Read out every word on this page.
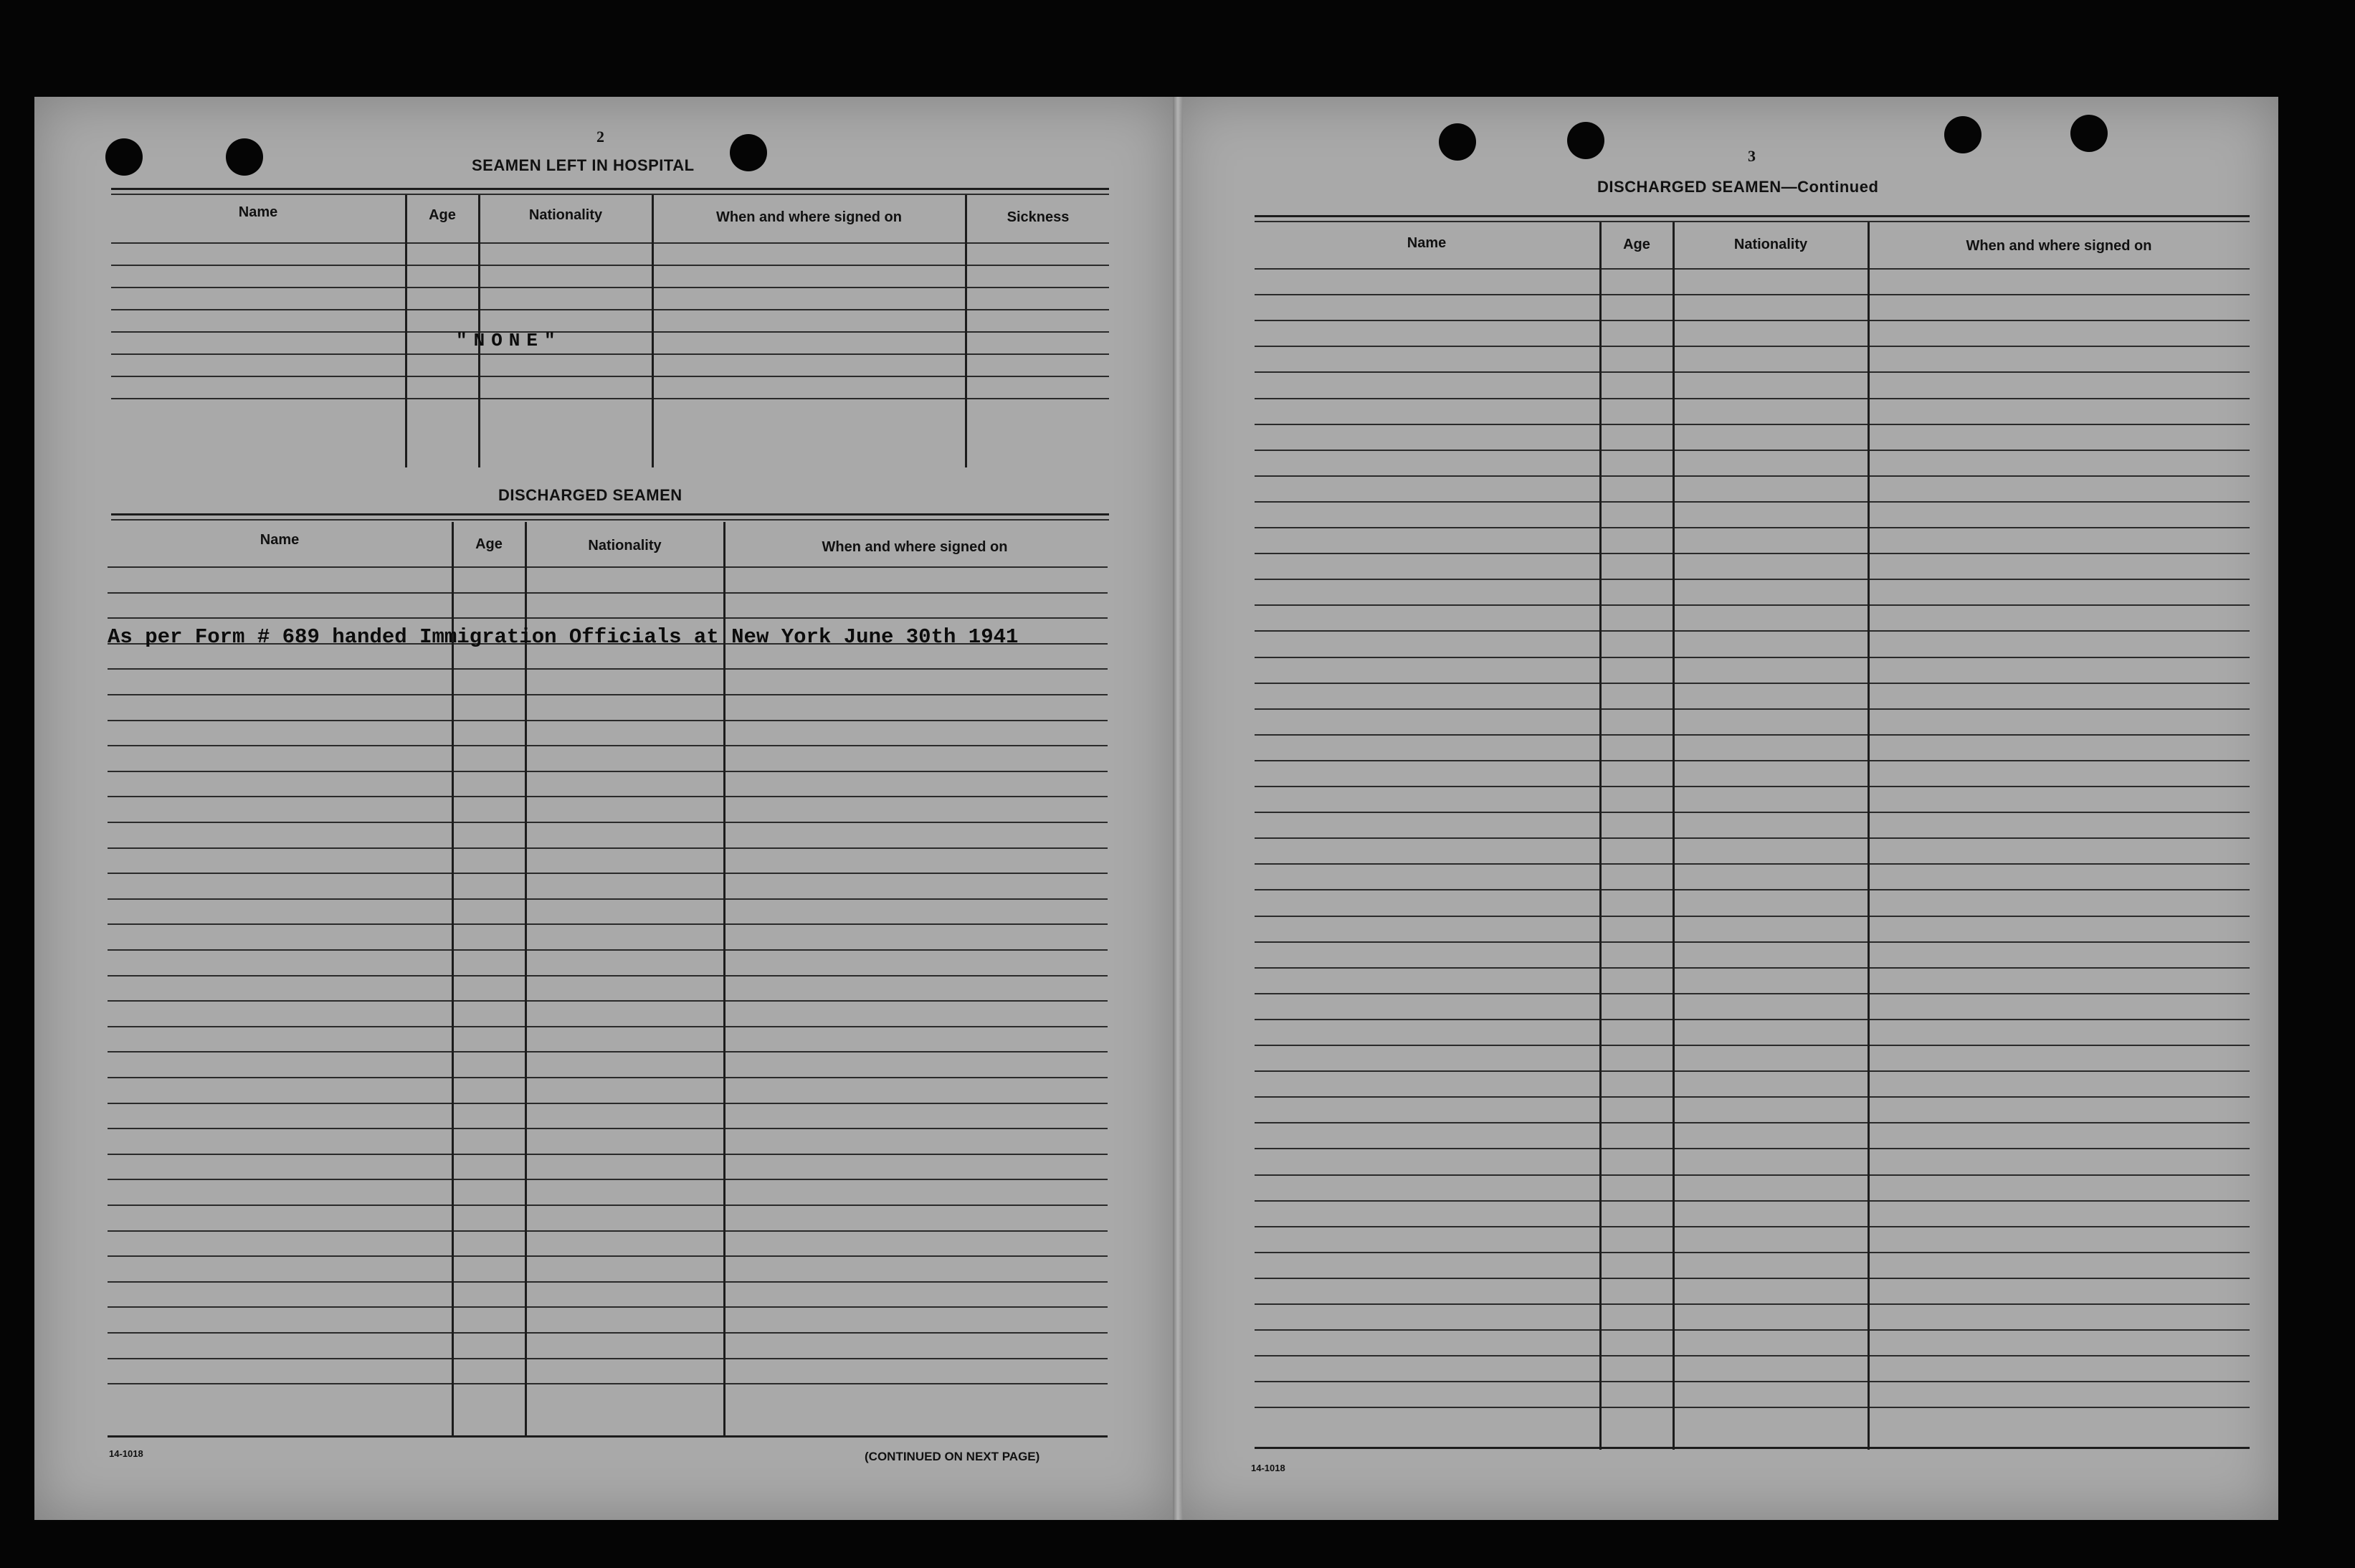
2
SEAMEN LEFT IN HOSPITAL
Name	Age	Nationality	When and where signed on	Sickness
"NONE"
DISCHARGED SEAMEN
Name	Age	Nationality	When and where signed on
As per Form # 689 handed Immigration Officials at New York June 30th 1941
14-1018	(CONTINUED ON NEXT PAGE)
3
DISCHARGED SEAMEN—Continued
Name	Age	Nationality	When and where signed on
14-1018
